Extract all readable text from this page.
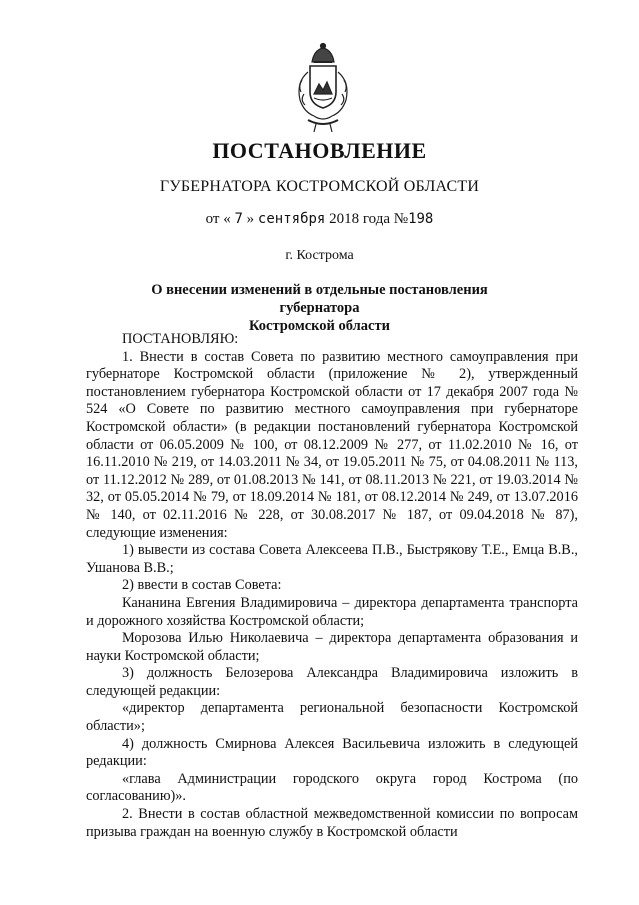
ПОСТАНОВЛЕНИЕ
ГУБЕРНАТОРА КОСТРОМСКОЙ ОБЛАСТИ
от « 7 » сентября 2018 года №198
г. Кострома
О внесении изменений в отдельные постановления губернатора
Костромской области

ПОСТАНОВЛЯЮ:

1. Внести в состав Совета по развитию местного самоуправления при губернаторе Костромской области (приложение № 2), утвержденный постановлением губернатора Костромской области от 17 декабря 2007 года № 524 «О Совете по развитию местного самоуправления при губернаторе Костромской области» (в редакции постановлений губернатора Костромской области от 06.05.2009 № 100, от 08.12.2009 № 277, от 11.02.2010 № 16, от 16.11.2010 № 219, от 14.03.2011 № 34, от 19.05.2011 № 75, от 04.08.2011 № 113, от 11.12.2012 № 289, от 01.08.2013 № 141, от 08.11.2013 № 221, от 19.03.2014 № 32, от 05.05.2014 № 79, от 18.09.2014 № 181, от 08.12.2014 № 249, от 13.07.2016 № 140, от 02.11.2016 № 228, от 30.08.2017 № 187, от 09.04.2018 № 87), следующие изменения:

1) вывести из состава Совета Алексеева П.В., Быстрякову Т.Е., Емца В.В., Ушанова В.В.;

2) ввести в состав Совета:

Кананина Евгения Владимировича – директора департамента транспорта и дорожного хозяйства Костромской области;

Морозова Илью Николаевича – директора департамента образования и науки Костромской области;

3) должность Белозерова Александра Владимировича изложить в следующей редакции:

«директор департамента региональной безопасности Костромской области»;

4) должность Смирнова Алексея Васильевича изложить в следующей редакции:

«глава Администрации городского округа город Кострома (по согласованию)».

2. Внести в состав областной межведомственной комиссии по вопросам призыва граждан на военную службу в Костромской области
